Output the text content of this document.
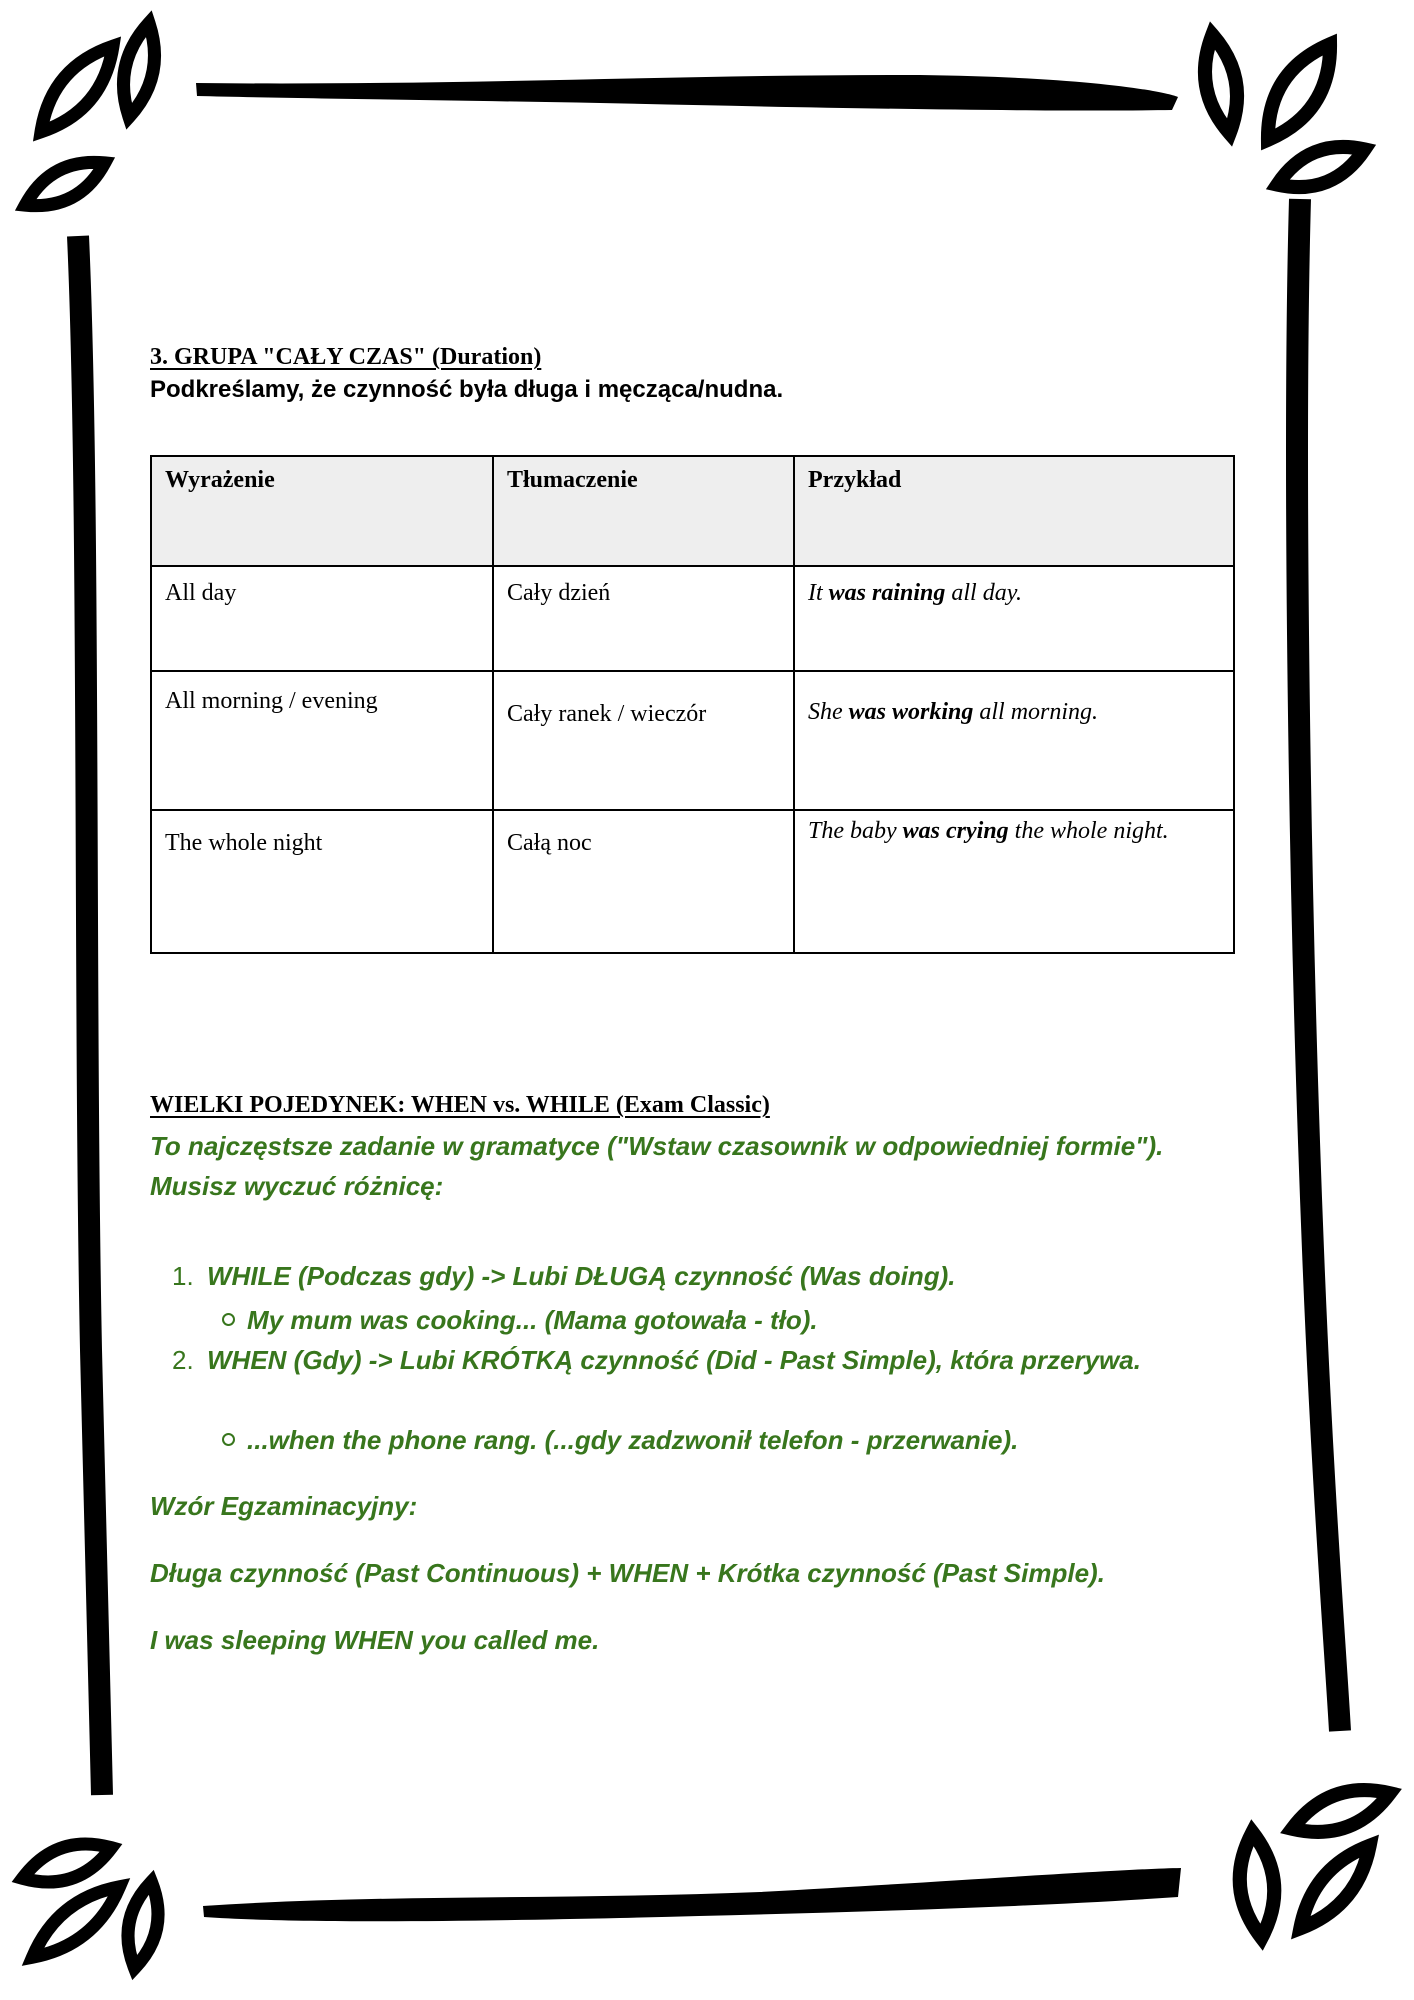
3. GRUPA "CAŁY CZAS" (Duration)

Podkreślamy, że czynność była długa i męcząca/nudna.

Wyrażenie	Tłumaczenie	Przykład
All day	Cały dzień	It was raining all day.
All morning / evening	Cały ranek / wieczór	She was working all morning.
The whole night	Całą noc	The baby was crying the whole night.
WIELKI POJEDYNEK: WHEN vs. WHILE (Exam Classic)

To najczęstsze zadanie w gramatyce ("Wstaw czasownik w odpowiedniej formie"). Musisz wyczuć różnicę:

1. WHILE (Podczas gdy) -> Lubi DŁUGĄ czynność (Was doing).
My mum was cooking... (Mama gotowała - tło).
2. WHEN (Gdy) -> Lubi KRÓTKĄ czynność (Did - Past Simple), która przerywa.
...when the phone rang. (...gdy zadzwonił telefon - przerwanie).

Wzór Egzaminacyjny:

Długa czynność (Past Continuous) + WHEN + Krótka czynność (Past Simple).

I was sleeping WHEN you called me.
